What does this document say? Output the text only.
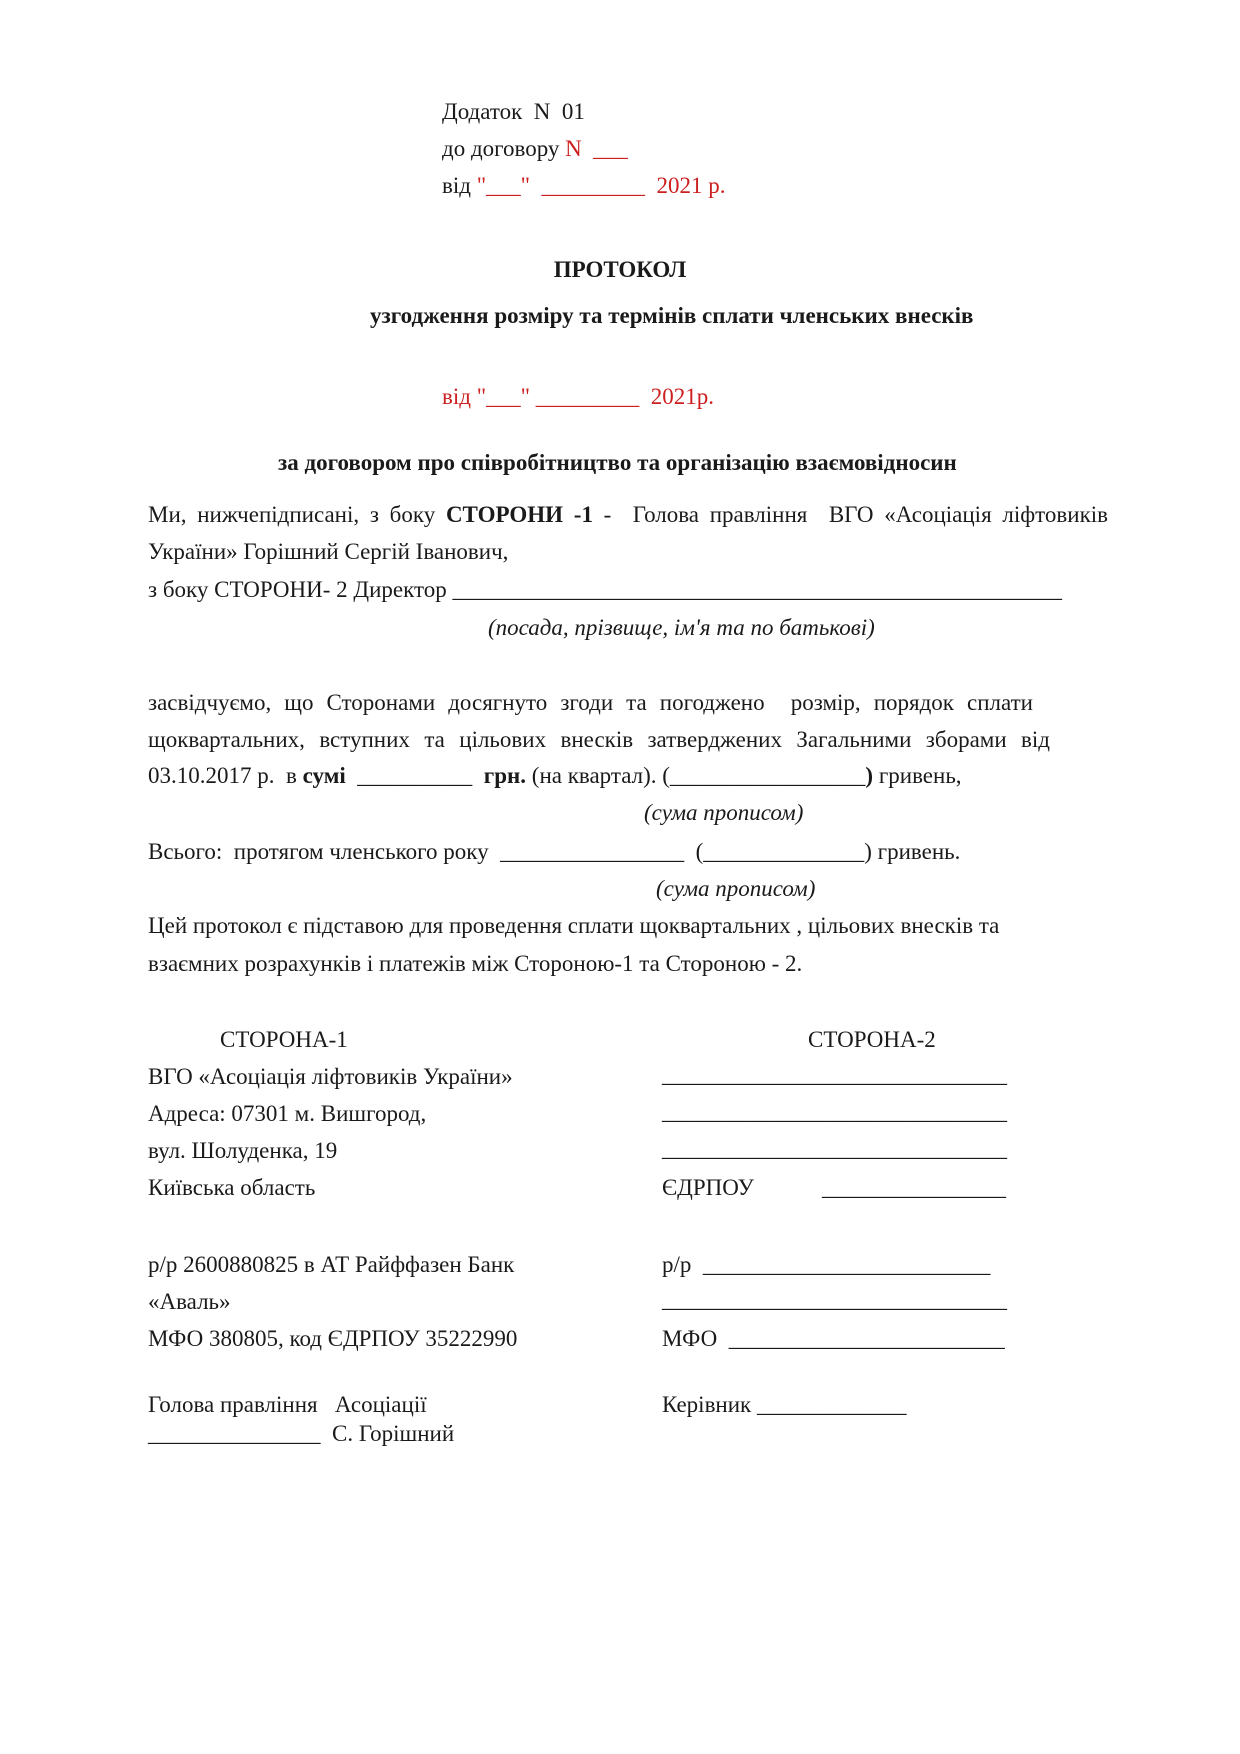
Додаток  N  01
до договору N  ___
від "___"  _________  2021 р.
ПРОТОКОЛ
узгодження розміру та термінів сплати членських внесків
від "___" _________  2021р.
за договором про співробітництво та організацію взаємовідносин
Ми, нижчепідписані, з боку СТОРОНИ -1 -  Голова правління  ВГО «Асоціація ліфтовиків
України» Горішний Сергій Іванович,
з боку СТОРОНИ- 2 Директор _____________________________________________________
(посада, прізвище, ім'я та по батькові)
засвідчуємо, що Сторонами досягнуто згоди та погоджено  розмір, порядок сплати
щоквартальних, вступних та цільових внесків затверджених Загальними зборами від
03.10.2017 р.  в сумі  __________  грн. (на квартал). (_________________) гривень,
(сума прописом)
Всього:  протягом членського року  ________________  (______________) гривень.
(сума прописом)
Цей протокол є підставою для проведення сплати щоквартальних , цільових внесків та
взаємних розрахунків і платежів між Стороною-1 та Стороною - 2.
СТОРОНА-1
ВГО «Асоціація ліфтовиків України»
Адреса: 07301 м. Вишгород,
вул. Шолуденка, 19
Київська область
р/р 2600880825 в АТ Райффазен Банк
«Аваль»
МФО 380805, код ЄДРПОУ 35222990
Голова правління   Асоціації
_______________  С. Горішний
СТОРОНА-2
______________________________
______________________________
______________________________
ЄДРПОУ	________________
р/р  _________________________
______________________________
МФО  ________________________
Керівник _____________
